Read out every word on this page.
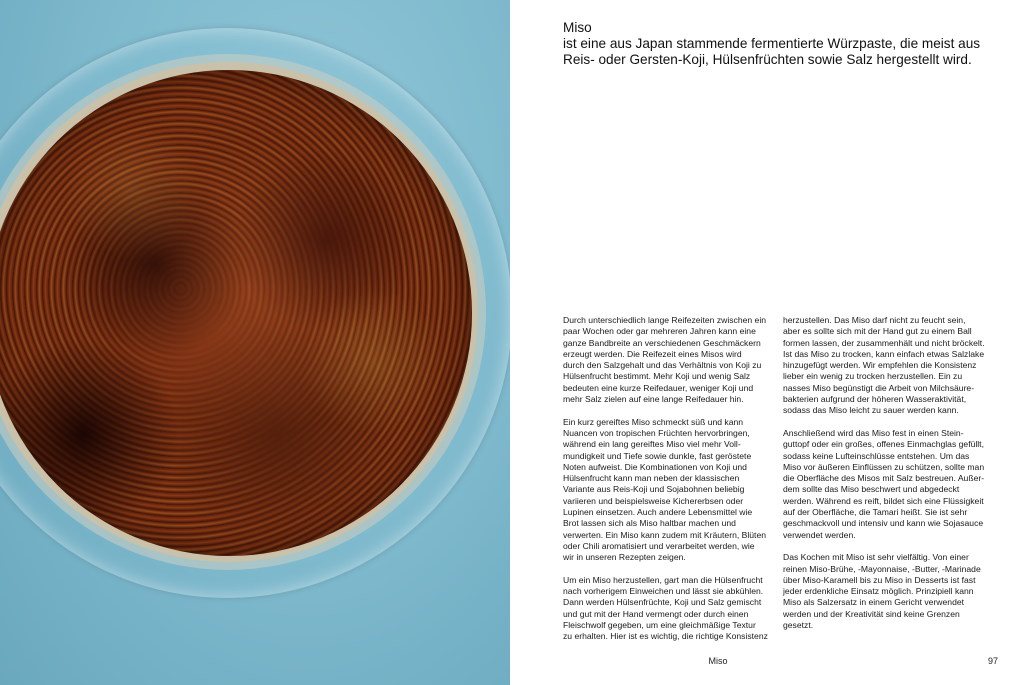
Miso
ist eine aus Japan stammende fermentierte Würzpaste, die meist aus Reis- oder Gersten-Koji, Hülsenfrüchten sowie Salz hergestellt wird.

Durch unterschiedlich lange Reifezeiten zwischen ein
paar Wochen oder gar mehreren Jahren kann eine
ganze Bandbreite an verschiedenen Geschmäckern
erzeugt werden. Die Reifezeit eines Misos wird
durch den Salzgehalt und das Verhältnis von Koji zu
Hülsenfrucht bestimmt. Mehr Koji und wenig Salz
bedeuten eine kurze Reifedauer, weniger Koji und
mehr Salz zielen auf eine lange Reifedauer hin.

Ein kurz gereiftes Miso schmeckt süß und kann
Nuancen von tropischen Früchten hervorbringen,
während ein lang gereiftes Miso viel mehr Voll-
mundigkeit und Tiefe sowie dunkle, fast geröstete
Noten aufweist. Die Kombinationen von Koji und
Hülsenfrucht kann man neben der klassischen
Variante aus Reis-Koji und Sojabohnen beliebig
variieren und beispielsweise Kichererbsen oder
Lupinen einsetzen. Auch andere Lebensmittel wie
Brot lassen sich als Miso haltbar machen und
verwerten. Ein Miso kann zudem mit Kräutern, Blüten
oder Chili aromatisiert und verarbeitet werden, wie
wir in unseren Rezepten zeigen.

Um ein Miso herzustellen, gart man die Hülsenfrucht
nach vorherigem Einweichen und lässt sie abkühlen.
Dann werden Hülsenfrüchte, Koji und Salz gemischt
und gut mit der Hand vermengt oder durch einen
Fleischwolf gegeben, um eine gleichmäßige Textur
zu erhalten. Hier ist es wichtig, die richtige Konsistenz

herzustellen. Das Miso darf nicht zu feucht sein,
aber es sollte sich mit der Hand gut zu einem Ball
formen lassen, der zusammenhält und nicht bröckelt.
Ist das Miso zu trocken, kann einfach etwas Salzlake
hinzugefügt werden. Wir empfehlen die Konsistenz
lieber ein wenig zu trocken herzustellen. Ein zu
nasses Miso begünstigt die Arbeit von Milchsäure-
bakterien aufgrund der höheren Wasseraktivität,
sodass das Miso leicht zu sauer werden kann.

Anschließend wird das Miso fest in einen Stein-
guttopf oder ein großes, offenes Einmachglas gefüllt,
sodass keine Lufteinschlüsse entstehen. Um das
Miso vor äußeren Einflüssen zu schützen, sollte man
die Oberfläche des Misos mit Salz bestreuen. Außer-
dem sollte das Miso beschwert und abgedeckt
werden. Während es reift, bildet sich eine Flüssigkeit
auf der Oberfläche, die Tamari heißt. Sie ist sehr
geschmackvoll und intensiv und kann wie Sojasauce
verwendet werden.

Das Kochen mit Miso ist sehr vielfältig. Von einer
reinen Miso-Brühe, -Mayonnaise, -Butter, -Marinade
über Miso-Karamell bis zu Miso in Desserts ist fast
jeder erdenkliche Einsatz möglich. Prinzipiell kann
Miso als Salzersatz in einem Gericht verwendet
werden und der Kreativität sind keine Grenzen
gesetzt.

Miso	97
